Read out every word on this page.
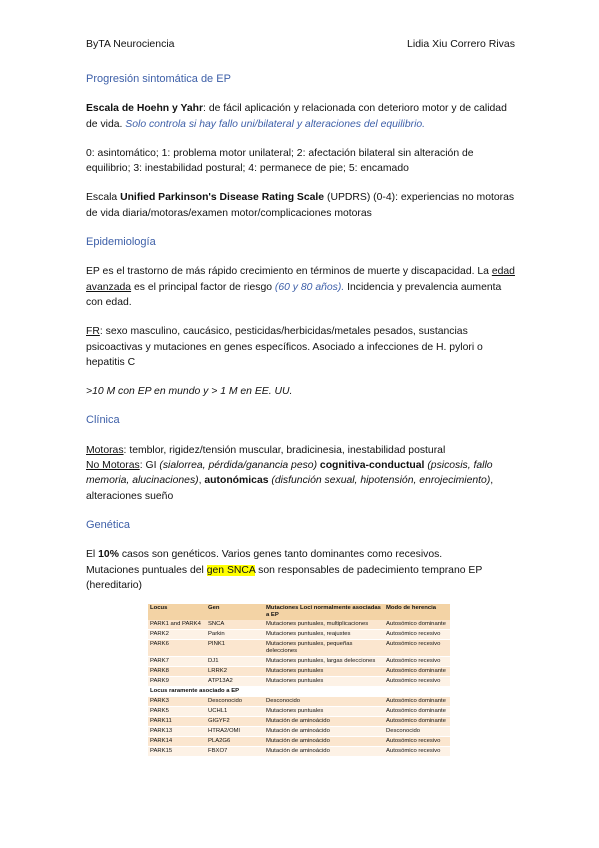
ByTA Neurociencia	Lidia Xiu Correro Rivas
Progresión sintomática de EP

Escala de Hoehn y Yahr: de fácil aplicación y relacionada con deterioro motor y de calidad de vida. Solo controla si hay fallo uni/bilateral y alteraciones del equilibrio.

0: asintomático; 1: problema motor unilateral; 2: afectación bilateral sin alteración de equilibrio; 3: inestabilidad postural; 4: permanece de pie; 5: encamado

Escala Unified Parkinson's Disease Rating Scale (UPDRS) (0-4): experiencias no motoras de vida diaria/motoras/examen motor/complicaciones motoras

Epidemiología

EP es el trastorno de más rápido crecimiento en términos de muerte y discapacidad. La edad avanzada es el principal factor de riesgo (60 y 80 años). Incidencia y prevalencia aumenta con edad.

FR: sexo masculino, caucásico, pesticidas/herbicidas/metales pesados, sustancias psicoactivas y mutaciones en genes específicos. Asociado a infecciones de H. pylori o hepatitis C

>10 M con EP en mundo y > 1 M en EE. UU.

Clínica

Motoras: temblor, rigidez/tensión muscular, bradicinesia, inestabilidad postural
No Motoras: GI (sialorrea, pérdida/ganancia peso) cognitiva-conductual (psicosis, fallo memoria, alucinaciones), autonómicas (disfunción sexual, hipotensión, enrojecimiento), alteraciones sueño

Genética

El 10% casos son genéticos. Varios genes tanto dominantes como recesivos.
Mutaciones puntuales del gen SNCA son responsables de padecimiento temprano EP (hereditario)

Locus	Gen	Mutaciones Loci normalmente asociadas a EP	Modo de herencia
PARK1 and PARK4	SNCA	Mutaciones puntuales, multiplicaciones	Autosómico dominante
PARK2	Parkin	Mutaciones puntuales, reajustes	Autosómico recesivo
PARK6	PINK1	Mutaciones puntuales, pequeñas delecciones	Autosómico recesivo
PARK7	DJ1	Mutaciones puntuales, largas delecciones	Autosómico recesivo
PARK8	LRRK2	Mutaciones puntuales	Autosómico dominante
PARK9	ATP13A2	Mutaciones puntuales	Autosómico recesivo
Locus raramente asociado a EP			
PARK3	Desconocido	Desconocido	Autosómico dominante
PARK5	UCHL1	Mutaciones puntuales	Autosómico dominante
PARK11	GIGYF2	Mutación de aminoácido	Autosómico dominante
PARK13	HTRA2/OMI	Mutación de aminoácido	Desconocido
PARK14	PLA2G6	Mutación de aminoácido	Autosómico recesivo
PARK15	FBXO7	Mutación de aminoácido	Autosómico recesivo
